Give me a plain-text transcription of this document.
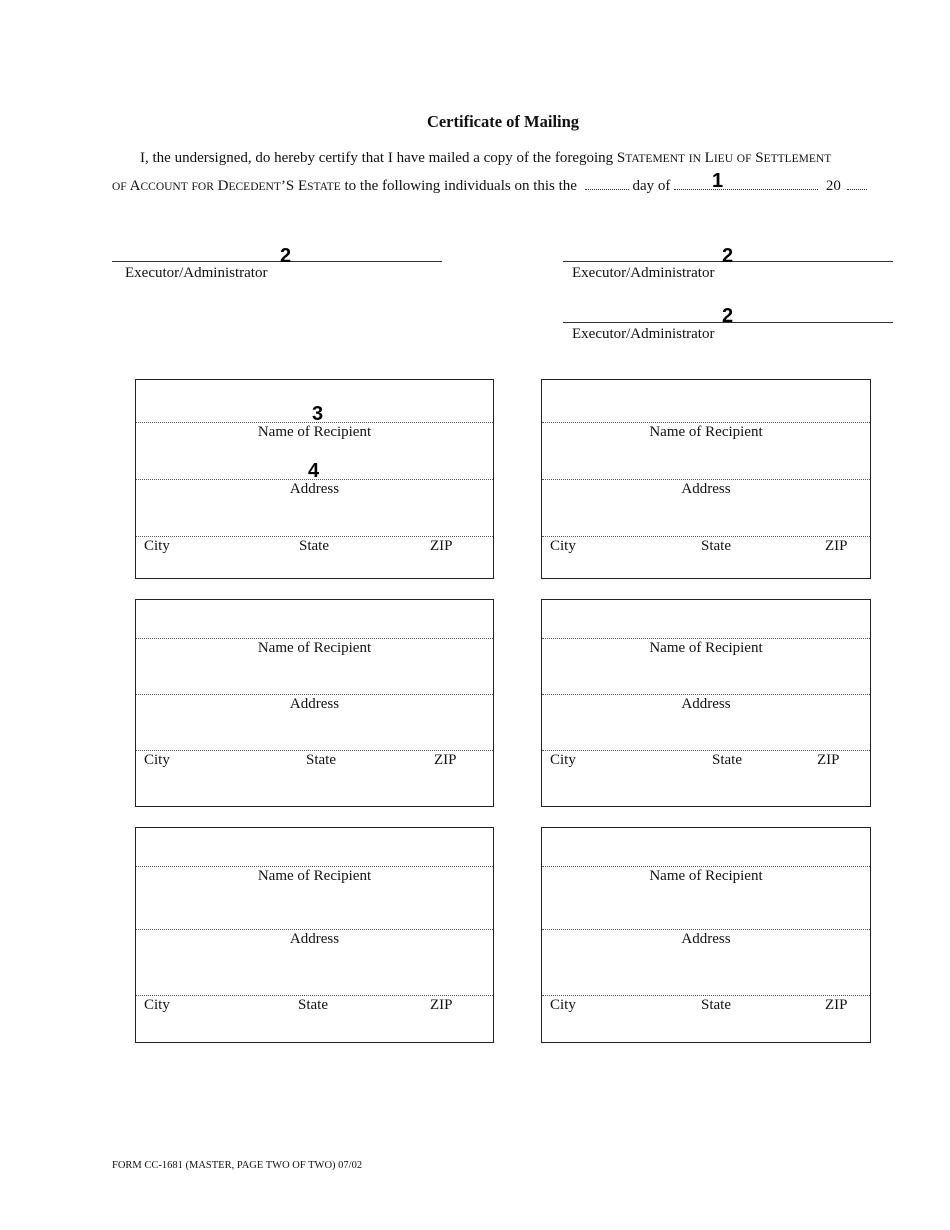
Certificate of Mailing
I, the undersigned, do hereby certify that I have mailed a copy of the foregoing STATEMENT IN LIEU OF SETTLEMENT
OF ACCOUNT FOR DECEDENT’S ESTATE to the following individuals on this the	day of	20
1
2
Executor/Administrator
2
Executor/Administrator
2
Executor/Administrator
3
Name of Recipient
4
Address
City	State	ZIP
Name of Recipient
Address
City	State	ZIP
Name of Recipient
Address
City	State	ZIP
Name of Recipient
Address
City	State	ZIP
Name of Recipient
Address
City	State	ZIP
Name of Recipient
Address
City	State	ZIP
FORM CC-1681 (MASTER, PAGE TWO OF TWO) 07/02
